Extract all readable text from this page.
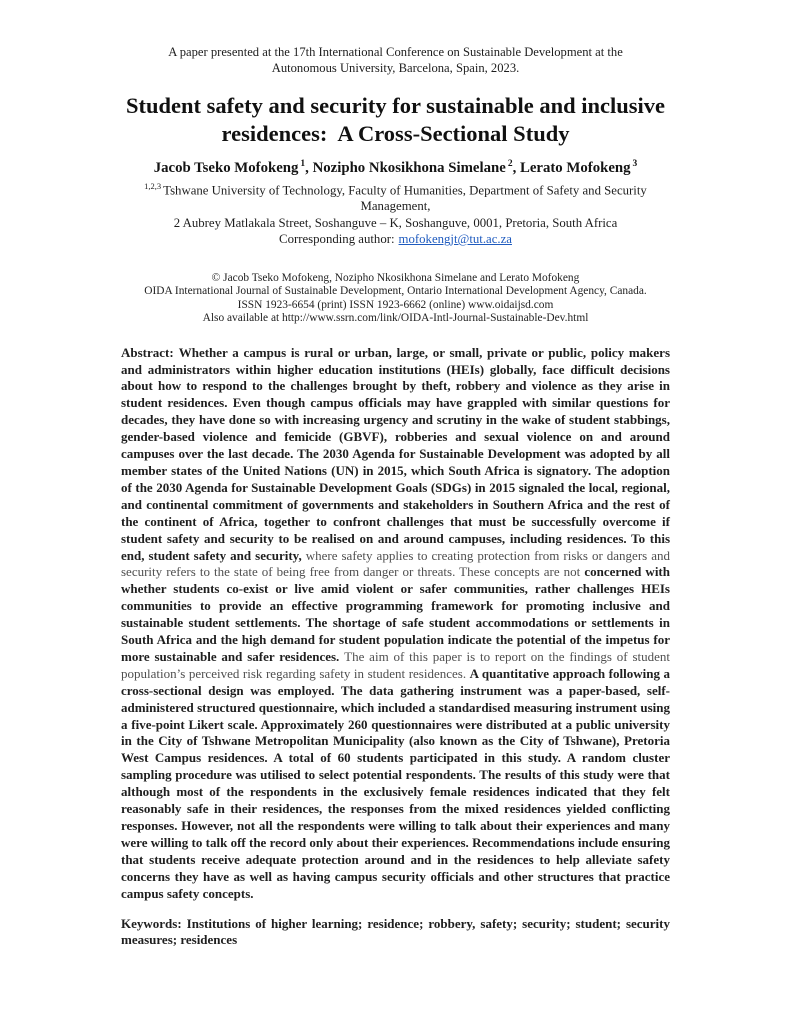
A paper presented at the 17th International Conference on Sustainable Development at the
Autonomous University, Barcelona, Spain, 2023.
Student safety and security for sustainable and inclusive
residences:  A Cross-Sectional Study
Jacob Tseko Mofokeng $^1$, Nozipho Nkosikhona Simelane $^2$, Lerato Mofokeng $^3$
$^{1,2,3}$ Tshwane University of Technology, Faculty of Humanities, Department of Safety and Security Management,
2 Aubrey Matlakala Street, Soshanguve – K, Soshanguve, 0001, Pretoria, South Africa
Corresponding author: mofokengjt@tut.ac.za
© Jacob Tseko Mofokeng, Nozipho Nkosikhona Simelane and Lerato Mofokeng
OIDA International Journal of Sustainable Development, Ontario International Development Agency, Canada.
ISSN 1923-6654 (print) ISSN 1923-6662 (online) www.oidaijsd.com
Also available at http://www.ssrn.com/link/OIDA-Intl-Journal-Sustainable-Dev.html

Abstract: Whether a campus is rural or urban, large, or small, private or public, policy makers and administrators within higher education institutions (HEIs) globally, face difficult decisions about how to respond to the challenges brought by theft, robbery and violence as they arise in student residences. Even though campus officials may have grappled with similar questions for decades, they have done so with increasing urgency and scrutiny in the wake of student stabbings, gender-based violence and femicide (GBVF), robberies and sexual violence on and around campuses over the last decade. The 2030 Agenda for Sustainable Development was adopted by all member states of the United Nations (UN) in 2015, which South Africa is signatory. The adoption of the 2030 Agenda for Sustainable Development Goals (SDGs) in 2015 signaled the local, regional, and continental commitment of governments and stakeholders in Southern Africa and the rest of the continent of Africa, together to confront challenges that must be successfully overcome if student safety and security to be realised on and around campuses, including residences. To this end, student safety and security, where safety applies to creating protection from risks or dangers and security refers to the state of being free from danger or threats. These concepts are not concerned with whether students co-exist or live amid violent or safer communities, rather challenges HEIs communities to provide an effective programming framework for promoting inclusive and sustainable student settlements. The shortage of safe student accommodations or settlements in South Africa and the high demand for student population indicate the potential of the impetus for more sustainable and safer residences. The aim of this paper is to report on the findings of student population’s perceived risk regarding safety in student residences. A quantitative approach following a cross-sectional design was employed. The data gathering instrument was a paper-based, self-administered structured questionnaire, which included a standardised measuring instrument using a five-point Likert scale. Approximately 260 questionnaires were distributed at a public university in the City of Tshwane Metropolitan Municipality (also known as the City of Tshwane), Pretoria West Campus residences. A total of 60 students participated in this study. A random cluster sampling procedure was utilised to select potential respondents. The results of this study were that although most of the respondents in the exclusively female residences indicated that they felt reasonably safe in their residences, the responses from the mixed residences yielded conflicting responses. However, not all the respondents were willing to talk about their experiences and many were willing to talk off the record only about their experiences. Recommendations include ensuring that students receive adequate protection around and in the residences to help alleviate safety concerns they have as well as having campus security officials and other structures that practice campus safety concepts.

Keywords: Institutions of higher learning; residence; robbery, safety; security; student; security measures; residences
